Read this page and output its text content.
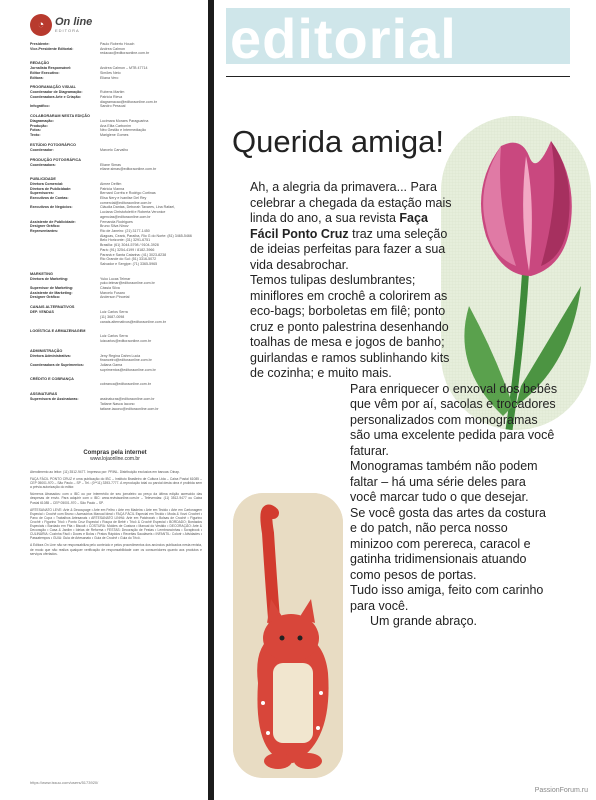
◔ On line
EDITORA
Presidente:	Paulo Roberto Houch
Vice-Presidente Editorial:	Andrea Calmon
redacao@editoraonline.com.br
REDAÇÃO
Jornalista Responsável:	Andrea Calmon – MTB 47714
Editor Executivo:	Simões Neto
Editora:	Eliana Vero
PROGRAMAÇÃO VISUAL
Coordenador de Diagramação:	Rubens Martim
Coordenadora Arte e Criação:	Patricia Rieva
diagramacao@editoraonline.com.br
Infográfico:	Sandro Pessoal
COLABORARAM NESTA EDIÇÃO
Diagramação:	Lucimara Moraes Paraguarina
Produção:	Ana Elita Carbonim
Fotos:	Néo Gestão e Intermediação
Texto:	Mariglene Gomes
ESTÚDIO FOTOGRÁFICO
Coordenador:	Marcelo Carvalho
PRODUÇÃO FOTOGRÁFICA
Coordenadora:	Eliane Simas
eliane.simas@editoraonline.com.br
PUBLICIDADE
Diretora Comercial:	Aimee Delfim
Diretora de Publicidade:	Patricia Vianna
Supervisores:	Bernard Corrêa e Rodrigo Cortinas
Executivos de Contas:	Elisa Nery e Ivanilse Del Rey
comercial@editoraonline.com.br
Executivos de Negócios:	Cláudia Dantas, Deborah Tavares, Lina Rafael,
Luciana Christofoletti e Roberta Veronice
agencias@editoraonline.com.br
Assistente de Publicidade:	Fernanda Rodrigues
Designer Gráfico:	Bruno Silva Ninov
Representantes:	Rio de Janeiro: (21) 3177-1450
Alagoas, Ceará, Paraíba, Rio G do Norte: (81) 3465-5466
Belo Horizonte: (31) 3291-6751
Brasília: (61) 3044-5798 / 9104-3928
Pará: (91) 3254-4199 / 8182-3966
Paraná e Santa Catarina: (41) 3023-8238
Rio Grande do Sul: (51) 3316-5072
Salvador e Sergipe: (71) 3365-5965
MARKETING
Diretora de Marketing:	Yuko Lucas Telmar
yuko.telmar@editoraonline.com.br
Supervisor de Marketing:	Cássia Silva
Assistente de Marketing:	Marcelo Fusaro
Designer Gráfico:	Anderson Pinoetal
CANAIS ALTERNATIVOS
DEP. VENDAS	Luiz Carlos Serra
(11) 3687-0098
canais.alternativos@editoraonline.com.br
LOGÍSTICA E ARMAZENAGEM
Luiz Carlos Serra
luizcarlos@editoraonline.com.br
ADMINISTRAÇÃO
Diretora Administrativa:	Jeny Regina Dahm Lucia
financeiro@editoraonline.com.br
Coordenadora de Suprimentos:	Juliana Gama
suprimentos@editoraonline.com.br
CRÉDITO E COBRANÇA
cobranca@editoraonline.com.br
ASSINATURAS
Supervisora de Assinaturas:	assinaturas@editoraonline.com.br
Tatiane Nasca Iacono
tatiane.iacono@editoraonline.com.br
Compras pela internet
www.lojaonline.com.br

Atendimento ao leitor: (11) 3512-9477. Impresso por: PRINL. Distribuição exclusiva em bancas: Dinap.

FAÇA FÁCIL PONTO CRUZ é uma publicação do IBC – Instituto Brasileiro de Cultura Ltda – Caixa Postal 61085 – CEP 05001-970 – São Paulo – SP – Tel.: (0**11) 3393-7777. A reprodução total ou parcial desta obra é proibida sem a prévia autorização do editor.

Números Atrasados: com o IBC ou por intermédio de seu jornaleiro ao preço da última edição acrescido das despesas de envio. Para adquirir com o IBC: www.revistaonline.com.br – Televendas: (11) 3512-9477 ou Caixa Postal 61085 – CEP 05001-970 – São Paulo – SP.

ARTESANATO LEVE: Arte & Decoupage • Arte em Feltro • Arte em Madeira • Arte em Tecido • Arte em Cartonagem Especial • Crochê com Bruno • Acessórios Manual Ideal • FAÇA FÁCIL Especial em Tecido • Moda & Vovó Crochet • Pano de Copa • Trabalhos Artesanais • ARTESANATO LINHA: Arte em Patchwork • Bolsas de Crochê • Figurino Crochê • Figurino Tricô • Ponto Cruz Especial • Roupa de Bebê • Tricô & Crochê Especial • BORDADO: Bordados Especiais • Bordado em Fita • Biscuit • COSTURA: Moldes de Costura • Manual do Vestido • DECORAÇÃO: Arte & Decoração • Casa & Jardim • Ideias de Reforma • FESTAS: Decoração de Festas • Lembrancinhas • Scrapbook • CULINÁRIA: Cozinha Fácil • Doces e Bolos • Pratos Rápidos • Receitas Saudáveis • INFANTIL: Colorir • Atividades • Passatempos • GUIA: Guia de Artesanato • Guia de Crochê • Guia do Tricô.

A Editora On Line não se responsabiliza pelo conteúdo e pelos procedimentos dos anúncios publicados nesta revista, de modo que não realiza qualquer verificação de responsabilidade com os consumidores quanto aos produtos e serviços ofertados.

https://www.issuu.com/users/5173920/
editorial
Querida amiga!

Ah, a alegria da primavera... Para celebrar a chegada da estação mais linda do ano, a sua revista Faça Fácil Ponto Cruz traz uma seleção de ideias perfeitas para fazer a sua vida desabrochar.

Temos tulipas deslumbrantes; miniflores em crochê a colorirem as eco-bags; borboletas em filê; ponto cruz e ponto palestrina desenhando toalhas de mesa e jogos de banho; guirlandas e ramos sublinhando kits de cozinha; e muito mais.

Para enriquecer o enxoval dos bebês que vêm por aí, sacolas e trocadores personalizados com monogramas são uma excelente pedida para você faturar.

Monogramas também não podem faltar – há uma série deles para você marcar tudo o que desejar.

Se você gosta das artes da costura e do patch, não perca nosso minizoo com perereca, caracol e gatinha tridimensionais atuando como pesos de portas.

Tudo isso amiga, feito com carinho para você.

Um grande abraço.

PassionForum.ru
